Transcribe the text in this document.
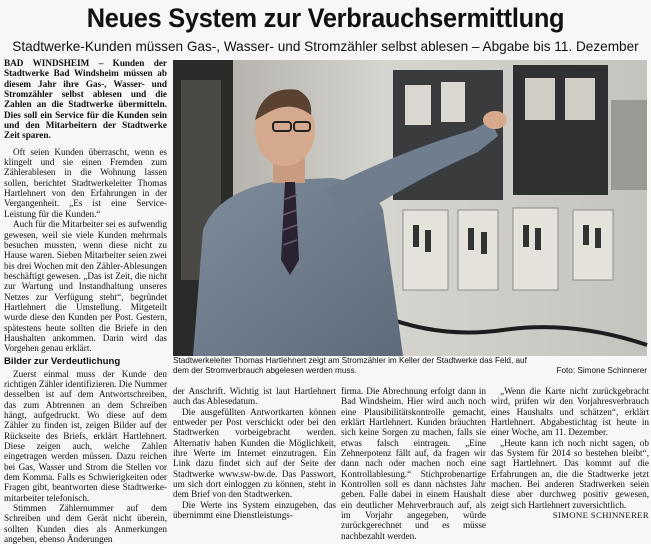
Neues System zur Verbrauchsermittlung
Stadtwerke-Kunden müssen Gas-, Wasser- und Stromzähler selbst ablesen – Abgabe bis 11. Dezember

BAD WINDSHEIM – Kunden der Stadtwerke Bad Windsheim müssen ab diesem Jahr ihre Gas-, Wasser- und Stromzähler selbst ablesen und die Zahlen an die Stadtwerke übermitteln. Dies soll ein Service für die Kunden sein und den Mitarbeitern der Stadtwerke Zeit sparen.

Oft seien Kunden überrascht, wenn es klingelt und sie einen Fremden zum Zählerablesen in die Wohnung lassen sollen, berichtet Stadtwerkeleiter Thomas Hartlehnert von den Erfahrungen in der Vergangenheit. „Es ist eine Service-Leistung für die Kunden.“

Auch für die Mitarbeiter sei es aufwendig gewesen, weil sie viele Kunden mehrmals besuchen mussten, wenn diese nicht zu Hause waren. Sieben Mitarbeiter seien zwei bis drei Wochen mit den Zähler-Ablesungen beschäftigt gewesen. „Das ist Zeit, die nicht zur Wartung und Instandhaltung unseres Netzes zur Verfügung steht“, begründet Hartlehnert die Umstellung. Mitgeteilt wurde diese den Kunden per Post. Gestern, spätestens heute sollten die Briefe in den Haushalten ankommen. Darin wird das Vorgehen genau erklärt.

Bilder zur Verdeutlichung

Zuerst einmal muss der Kunde den richtigen Zähler identifizieren. Die Nummer desselben ist auf dem Antwortschreiben, das zum Abtrennen an dem Schreiben hängt, aufgedruckt. Wo diese auf dem Zähler zu finden ist, zeigen Bilder auf der Rückseite des Briefs, erklärt Hartlehnert. Diese zeigen auch, welche Zahlen eingetragen werden müssen. Dazu reichen bei Gas, Wasser und Strom die Stellen vor dem Komma. Falls es Schwierigkeiten oder Fragen gibt, beantworten diese Stadtwerke-mitarbeiter telefonisch.

Stimmen Zählernummer auf dem Schreiben und dem Gerät nicht überein, sollten Kunden dies als Anmerkungen angeben, ebenso Änderungen

Stadtwerkeleiter Thomas Hartlehnert zeigt am Stromzähler im Keller der Stadtwerke das Feld, auf dem der Stromverbrauch abgelesen werden muss.	Foto: Simone Schinnerer

der Anschrift. Wichtig ist laut Hartlehnert auch das Ablesedatum.

Die ausgefüllten Antwortkarten können entweder per Post verschickt oder bei den Stadtwerken vorbeigebracht werden. Alternativ haben Kunden die Möglichkeit, ihre Werte im Internet einzutragen. Ein Link dazu findet sich auf der Seite der Stadtwerke www.sw-bw.de. Das Passwort, um sich dort einloggen zu können, steht in dem Brief von den Stadtwerken.

Die Werte ins System einzugeben, das übernimmt eine Dienstleistungs-

firma. Die Abrechnung erfolgt dann in Bad Windsheim. Hier wird auch noch eine Plausibilitätskontrolle gemacht, erklärt Hartlehnert. Kunden bräuchten sich keine Sorgen zu machen, falls sie etwas falsch eintragen. „Eine Zehnerpotenz fällt auf, da fragen wir dann nach oder machen noch eine Kontrollablesung.“ Stichprobenartige Kontrollen soll es dann nächstes Jahr geben. Falle dabei in einem Haushalt ein deutlicher Mehrverbrauch auf, als im Vorjahr angegeben, würde zurückgerechnet und es müsse nachbezahlt werden.

„Wenn die Karte nicht zurückgebracht wird, prüfen wir den Vorjahresverbrauch eines Haushalts und schätzen“, erklärt Hartlehnert. Abgabestichtag ist heute in einer Woche, am 11. Dezember.

„Heute kann ich noch nicht sagen, ob das System für 2014 so bestehen bleibt“, sagt Hartlehnert. Das kommt auf die Erfahrungen an, die die Stadtwerke jetzt machen. Bei anderen Stadtwerken seien diese aber durchweg positiv gewesen, zeigt sich Hartlehnert zuversichtlich.

SIMONE SCHINNERER
